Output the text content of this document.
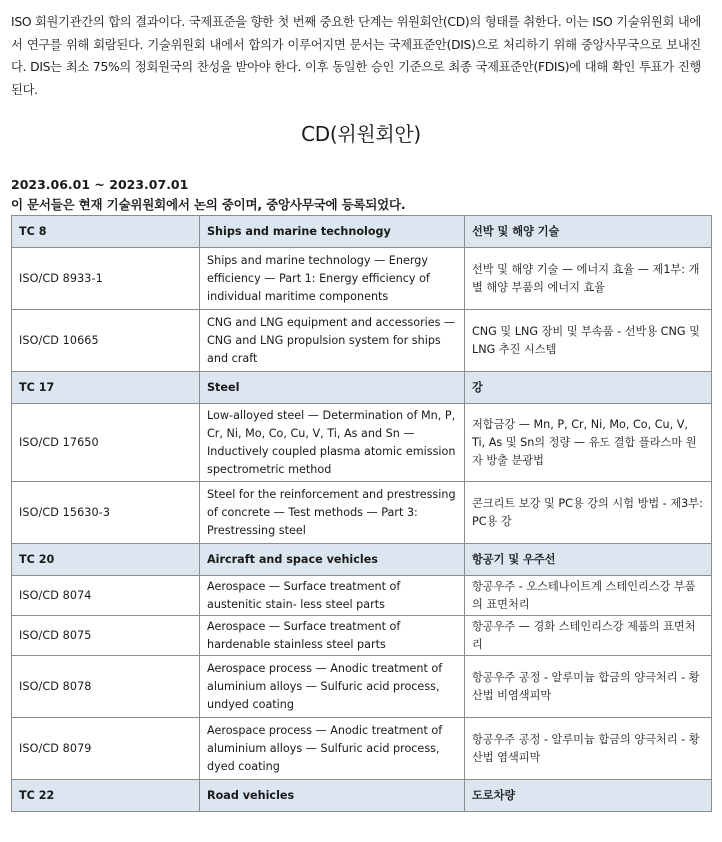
ISO 회원기관간의 합의 결과이다. 국제표준을 향한 첫 번째 중요한 단계는 위원회안(CD)의 형태를 취한다. 이는 ISO 기술위원회 내에서 연구를 위해 회람된다. 기술위원회 내에서 합의가 이루어지면 문서는 국제표준안(DIS)으로 처리하기 위해 중앙사무국으로 보내진다. DIS는 최소 75%의 정회원국의 찬성을 받아야 한다. 이후 동일한 승인 기준으로 최종 국제표준안(FDIS)에 대해 확인 투표가 진행된다.

CD(위원회안)

2023.06.01 ~ 2023.07.01

이 문서들은 현재 기술위원회에서 논의 중이며, 중앙사무국에 등록되었다.

TC 8	Ships and marine technology	선박 및 해양 기술
ISO/CD 8933-1	Ships and marine technology — Energy efficiency — Part 1: Energy efficiency of individual maritime components	선박 및 해양 기술 — 에너지 효율 — 제1부: 개별 해양 부품의 에너지 효율
ISO/CD 10665	CNG and LNG equipment and accessories — CNG and LNG propulsion system for ships and craft	CNG 및 LNG 장비 및 부속품 - 선박용 CNG 및 LNG 추진 시스템
TC 17	Steel	강
ISO/CD 17650	Low-alloyed steel — Determination of Mn, P, Cr, Ni, Mo, Co, Cu, V, Ti, As and Sn — Inductively coupled plasma atomic emission spectrometric method	저합금강 — Mn, P, Cr, Ni, Mo, Co, Cu, V, Ti, As 및 Sn의 정량 — 유도 결합 플라스마 원자 방출 분광법
ISO/CD 15630-3	Steel for the reinforcement and prestressing of concrete — Test methods — Part 3: Prestressing steel	콘크리트 보강 및 PC용 강의 시험 방법 - 제3부: PC용 강
TC 20	Aircraft and space vehicles	항공기 및 우주선
ISO/CD 8074	Aerospace — Surface treatment of austenitic stain- less steel parts	항공우주 - 오스테나이트계 스테인리스강 부품의 표면처리
ISO/CD 8075	Aerospace — Surface treatment of hardenable stainless steel parts	항공우주 — 경화 스테인리스강 제품의 표면처리
ISO/CD 8078	Aerospace process — Anodic treatment of aluminium alloys — Sulfuric acid process, undyed coating	항공우주 공정 - 알루미늄 합금의 양극처리 - 황산법 비염색피막
ISO/CD 8079	Aerospace process — Anodic treatment of aluminium alloys — Sulfuric acid process, dyed coating	항공우주 공정 - 알루미늄 합금의 양극처리 - 황산법 염색피막
TC 22	Road vehicles	도로차량
